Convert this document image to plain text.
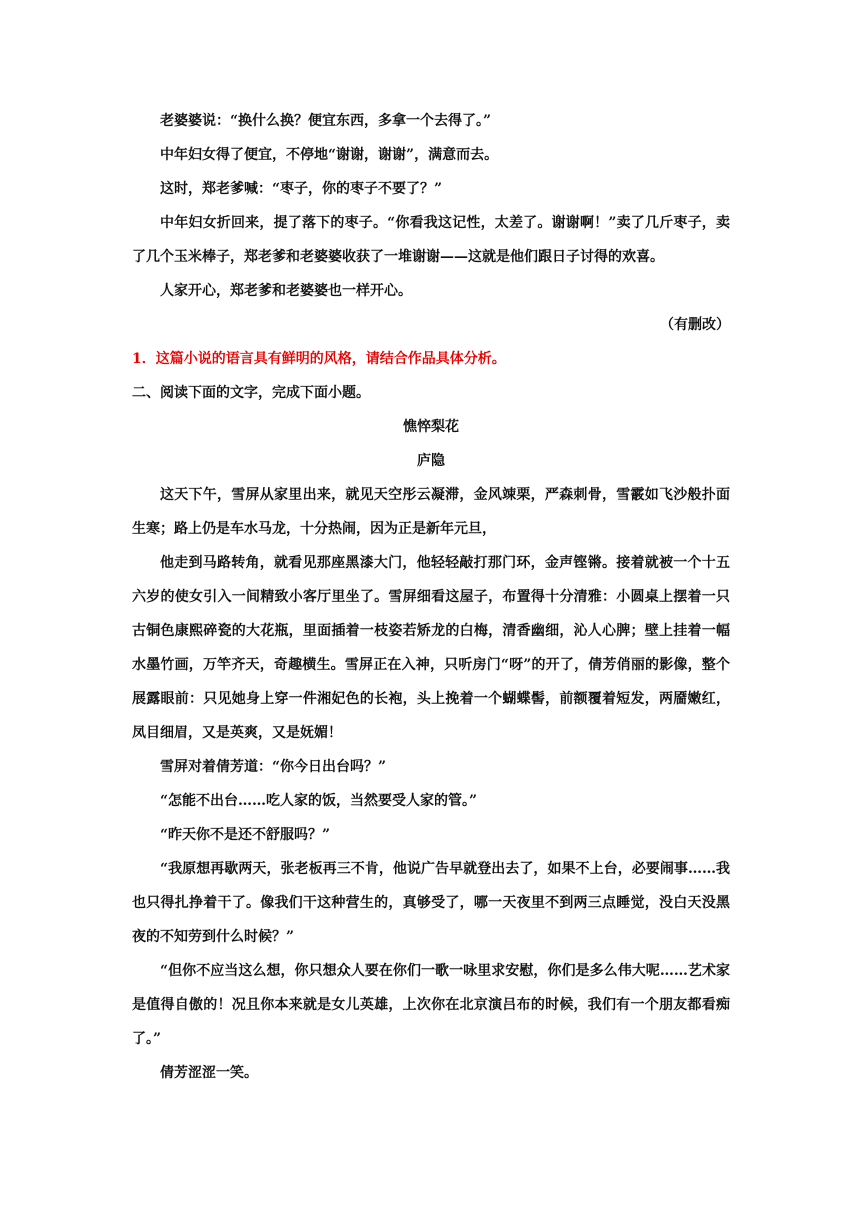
老婆婆说：“换什么换？便宜东西，多拿一个去得了。”

中年妇女得了便宜，不停地“谢谢，谢谢”，满意而去。

这时，郑老爹喊：“枣子，你的枣子不要了？”

中年妇女折回来，提了落下的枣子。“你看我这记性，太差了。谢谢啊！”卖了几斤枣子，卖了几个玉米棒子，郑老爹和老婆婆收获了一堆谢谢——这就是他们跟日子讨得的欢喜。

人家开心，郑老爹和老婆婆也一样开心。

（有删改）

1．这篇小说的语言具有鲜明的风格，请结合作品具体分析。

二、阅读下面的文字，完成下面小题。

憔悴梨花

庐隐

这天下午，雪屏从家里出来，就见天空彤云凝滞，金风竦栗，严森刺骨，雪霰如飞沙般扑面生寒；路上仍是车水马龙，十分热闹，因为正是新年元旦，

他走到马路转角，就看见那座黑漆大门，他轻轻敲打那门环，金声铿锵。接着就被一个十五六岁的使女引入一间精致小客厅里坐了。雪屏细看这屋子，布置得十分清雅：小圆桌上摆着一只古铜色康熙碎瓷的大花瓶，里面插着一枝姿若矫龙的白梅，清香幽细，沁人心脾；壁上挂着一幅水墨竹画，万竿齐天，奇趣横生。雪屏正在入神，只听房门“呀”的开了，倩芳俏丽的影像，整个展露眼前：只见她身上穿一件湘妃色的长袍，头上挽着一个蝴蝶髻，前额覆着短发，两靥嫩红，凤目细眉，又是英爽，又是妩媚！

雪屏对着倩芳道：“你今日出台吗？”

“怎能不出台……吃人家的饭，当然要受人家的管。”

“昨天你不是还不舒服吗？”

“我原想再歇两天，张老板再三不肯，他说广告早就登出去了，如果不上台，必要闹事……我也只得扎挣着干了。像我们干这种营生的，真够受了，哪一天夜里不到两三点睡觉，没白天没黑夜的不知劳到什么时候？”

“但你不应当这么想，你只想众人要在你们一歌一咏里求安慰，你们是多么伟大呢……艺术家是值得自傲的！况且你本来就是女儿英雄，上次你在北京演吕布的时候，我们有一个朋友都看痴了。”

倩芳涩涩一笑。
